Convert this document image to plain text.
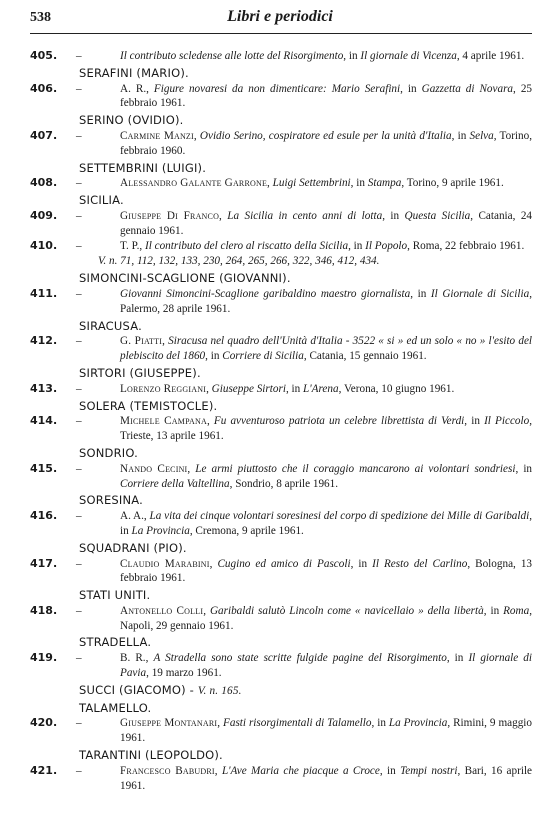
538	Libri e periodici
405.	–	Il contributo scledense alle lotte del Risorgimento, in Il giornale di Vicenza, 4 aprile 1961.
SERAFINI (MARIO).
406.	–	A. R., Figure novaresi da non dimenticare: Mario Serafini, in Gazzetta di Novara, 25 febbraio 1961.
SERINO (OVIDIO).
407.	–	Carmine Manzi, Ovidio Serino, cospiratore ed esule per la unità d'Italia, in Selva, Torino, febbraio 1960.
SETTEMBRINI (LUIGI).
408.	–	Alessandro Galante Garrone, Luigi Settembrini, in Stampa, Torino, 9 aprile 1961.
SICILIA.
409.	–	Giuseppe Di Franco, La Sicilia in cento anni di lotta, in Questa Sicilia, Catania, 24 gennaio 1961.
410.	–	T. P., Il contributo del clero al riscatto della Sicilia, in Il Popolo, Roma, 22 febbraio 1961.
V. n. 71, 112, 132, 133, 230, 264, 265, 266, 322, 346, 412, 434.
SIMONCINI-SCAGLIONE (GIOVANNI).
411.	–	Giovanni Simoncini-Scaglione garibaldino maestro giornalista, in Il Giornale di Sicilia, Palermo, 28 aprile 1961.
SIRACUSA.
412.	–	G. Piatti, Siracusa nel quadro dell'Unità d'Italia - 3522 « si » ed un solo « no » l'esito del plebiscito del 1860, in Corriere di Sicilia, Catania, 15 gennaio 1961.
SIRTORI (GIUSEPPE).
413.	–	Lorenzo Reggiani, Giuseppe Sirtori, in L'Arena, Verona, 10 giugno 1961.
SOLERA (TEMISTOCLE).
414.	–	Michele Campana, Fu avventuroso patriota un celebre librettista di Verdi, in Il Piccolo, Trieste, 13 aprile 1961.
SONDRIO.
415.	–	Nando Cecini, Le armi piuttosto che il coraggio mancarono ai volontari sondriesi, in Corriere della Valtellina, Sondrio, 8 aprile 1961.
SORESINA.
416.	–	A. A., La vita dei cinque volontari soresinesi del corpo di spedizione dei Mille di Garibaldi, in La Provincia, Cremona, 9 aprile 1961.
SQUADRANI (PIO).
417.	–	Claudio Marabini, Cugino ed amico di Pascoli, in Il Resto del Carlino, Bologna, 13 febbraio 1961.
STATI UNITI.
418.	–	Antonello Colli, Garibaldi salutò Lincoln come « navicellaio » della libertà, in Roma, Napoli, 29 gennaio 1961.
STRADELLA.
419.	–	B. R., A Stradella sono state scritte fulgide pagine del Risorgimento, in Il giornale di Pavia, 19 marzo 1961.
SUCCI (GIACOMO) - V. n. 165.
TALAMELLO.
420.	–	Giuseppe Montanari, Fasti risorgimentali di Talamello, in La Provincia, Rimini, 9 maggio 1961.
TARANTINI (LEOPOLDO).
421.	–	Francesco Babudri, L'Ave Maria che piacque a Croce, in Tempi nostri, Bari, 16 aprile 1961.
